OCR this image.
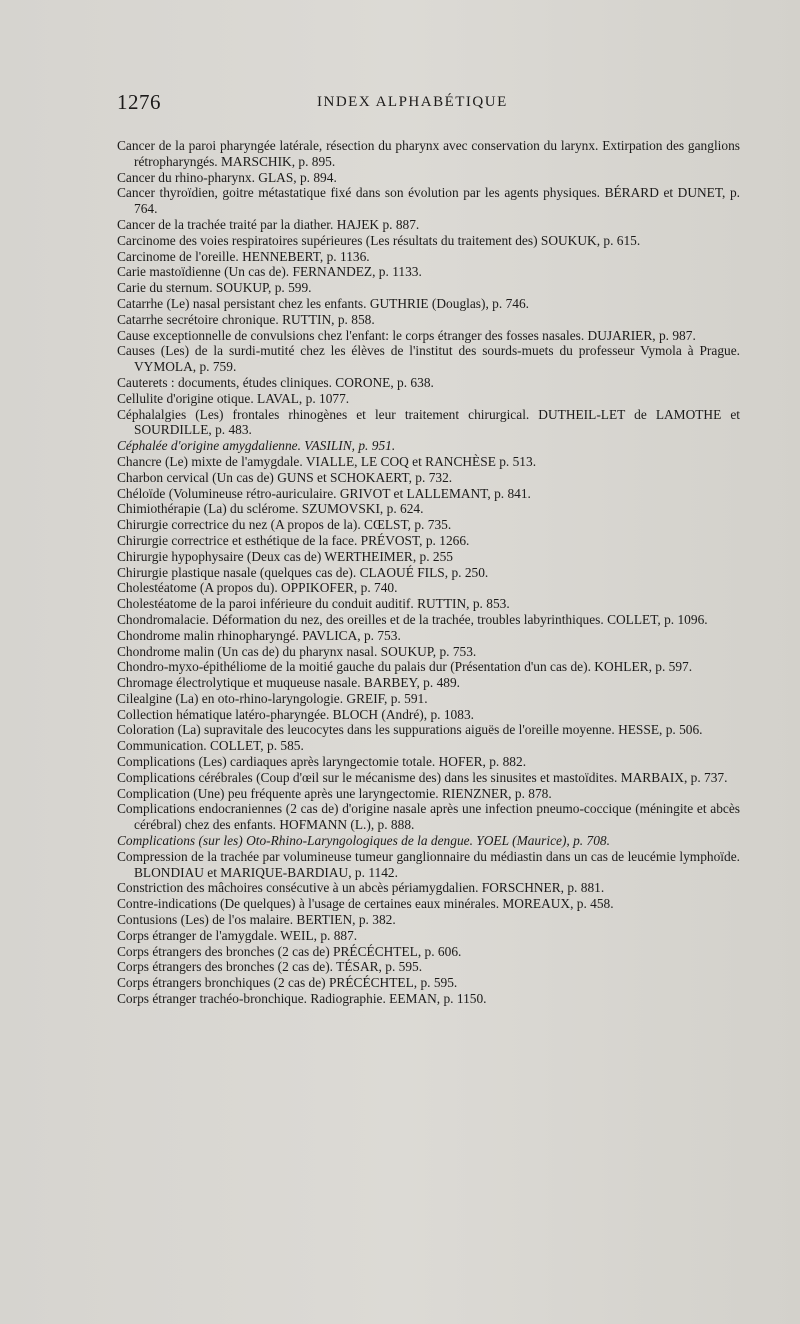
1276	INDEX ALPHABÉTIQUE

Cancer de la paroi pharyngée latérale, résection du pharynx avec conservation du larynx. Extirpation des ganglions rétropharyngés. MARSCHIK, p. 895.

Cancer du rhino-pharynx. GLAS, p. 894.

Cancer thyroïdien, goitre métastatique fixé dans son évolution par les agents physiques. BÉRARD et DUNET, p. 764.

Cancer de la trachée traité par la diather. HAJEK p. 887.

Carcinome des voies respiratoires supérieures (Les résultats du traitement des) SOUKUK, p. 615.

Carcinome de l'oreille. HENNEBERT, p. 1136.

Carie mastoïdienne (Un cas de). FERNANDEZ, p. 1133.

Carie du sternum. SOUKUP, p. 599.

Catarrhe (Le) nasal persistant chez les enfants. GUTHRIE (Douglas), p. 746.

Catarrhe secrétoire chronique. RUTTIN, p. 858.

Cause exceptionnelle de convulsions chez l'enfant: le corps étranger des fosses nasales. DUJARIER, p. 987.

Causes (Les) de la surdi-mutité chez les élèves de l'institut des sourds-muets du professeur Vymola à Prague. VYMOLA, p. 759.

Cauterets : documents, études cliniques. CORONE, p. 638.

Cellulite d'origine otique. LAVAL, p. 1077.

Céphalalgies (Les) frontales rhinogènes et leur traitement chirurgical. DUTHEIL-LET de LAMOTHE et SOURDILLE, p. 483.

Céphalée d'origine amygdalienne. VASILIN, p. 951.

Chancre (Le) mixte de l'amygdale. VIALLE, LE COQ et RANCHÈSE p. 513.

Charbon cervical (Un cas de) GUNS et SCHOKAERT, p. 732.

Chéloïde (Volumineuse rétro-auriculaire. GRIVOT et LALLEMANT, p. 841.

Chimiothérapie (La) du sclérome. SZUMOVSKI, p. 624.

Chirurgie correctrice du nez (A propos de la). CŒLST, p. 735.

Chirurgie correctrice et esthétique de la face. PRÉVOST, p. 1266.

Chirurgie hypophysaire (Deux cas de) WERTHEIMER, p. 255

Chirurgie plastique nasale (quelques cas de). CLAOUÉ FILS, p. 250.

Cholestéatome (A propos du). OPPIKOFER, p. 740.

Cholestéatome de la paroi inférieure du conduit auditif. RUTTIN, p. 853.

Chondromalacie. Déformation du nez, des oreilles et de la trachée, troubles labyrinthiques. COLLET, p. 1096.

Chondrome malin rhinopharyngé. PAVLICA, p. 753.

Chondrome malin (Un cas de) du pharynx nasal. SOUKUP, p. 753.

Chondro-myxo-épithéliome de la moitié gauche du palais dur (Présentation d'un cas de). KOHLER, p. 597.

Chromage électrolytique et muqueuse nasale. BARBEY, p. 489.

Cilealgine (La) en oto-rhino-laryngologie. GREIF, p. 591.

Collection hématique latéro-pharyngée. BLOCH (André), p. 1083.

Coloration (La) supravitale des leucocytes dans les suppurations aiguës de l'oreille moyenne. HESSE, p. 506.

Communication. COLLET, p. 585.

Complications (Les) cardiaques après laryngectomie totale. HOFER, p. 882.

Complications cérébrales (Coup d'œil sur le mécanisme des) dans les sinusites et mastoïdites. MARBAIX, p. 737.

Complication (Une) peu fréquente après une laryngectomie. RIENZNER, p. 878.

Complications endocraniennes (2 cas de) d'origine nasale après une infection pneumo-coccique (méningite et abcès cérébral) chez des enfants. HOFMANN (L.), p. 888.

Complications (sur les) Oto-Rhino-Laryngologiques de la dengue. YOEL (Maurice), p. 708.

Compression de la trachée par volumineuse tumeur ganglionnaire du médiastin dans un cas de leucémie lymphoïde. BLONDIAU et MARIQUE-BARDIAU, p. 1142.

Constriction des mâchoires consécutive à un abcès périamygdalien. FORSCHNER, p. 881.

Contre-indications (De quelques) à l'usage de certaines eaux minérales. MOREAUX, p. 458.

Contusions (Les) de l'os malaire. BERTIEN, p. 382.

Corps étranger de l'amygdale. WEIL, p. 887.

Corps étrangers des bronches (2 cas de) PRÉCÉCHTEL, p. 606.

Corps étrangers des bronches (2 cas de). TÉSAR, p. 595.

Corps étrangers bronchiques (2 cas de) PRÉCÉCHTEL, p. 595.

Corps étranger trachéo-bronchique. Radiographie. EEMAN, p. 1150.
